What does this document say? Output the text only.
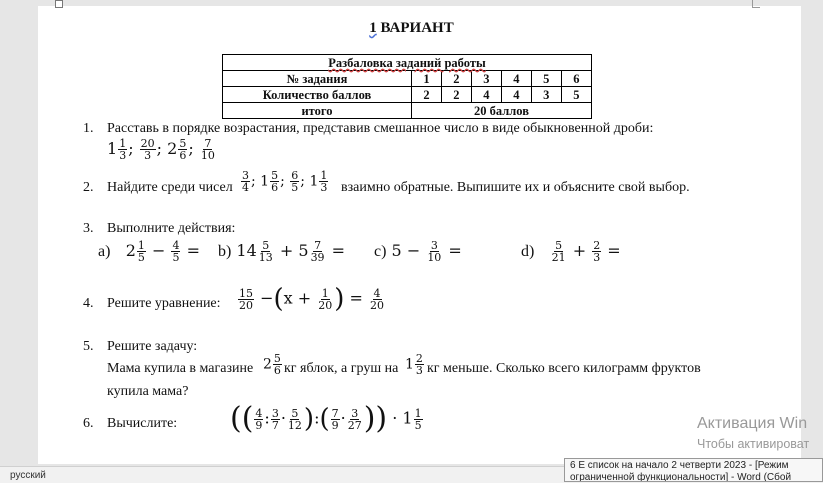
1 ВАРИАНТ
Разбаловка заданий работы						
№ задания	1	2	3	4	5	6
Количество баллов	2	2	4	4	3	5
итого	20 баллов					
1. Расставь в порядке возрастания, представив смешанное число в виде обыкновенной дроби:
$1 \frac{1}{3}$ ; $\frac{20}{3}$ ; $2 \frac{5}{6}$ ; $\frac{7}{10}$
2. Найдите среди чисел $\frac{3}{4}$ ; $1 \frac{5}{6}$ ; $\frac{6}{5}$ ; $1 \frac{1}{3}$ взаимно обратные. Выпишите их и объясните свой выбор.
3. Выполните действия:
а) $2 \frac{1}{5} - \frac{4}{5} = b$) $14 \frac{5}{13} + 5 \frac{7}{39} = c$) $5 - \frac{3}{10}$ =	$d) \frac{5}{21} + \frac{2}{3}$ =
4. Решите уравнение: $\frac{15}{20} -(x + \frac{1}{20}$ ) = $\frac{4}{20}$
5. Решите задачу:
Мама купила в магазине $2 \frac{5}{6}$ кг яблок, а груш на $1 \frac{2}{3}$ кг меньше. Сколько всего килограмм фруктов
купила мама?
6. Вычислите: (( $\frac{4}{9}$ : $\frac{3}{7} \cdot \frac{5}{12}$ ):( $\frac{7}{9} \cdot \frac{3}{27}$ )) · $1 \frac{1}{5}$	Активация Win
Чтобы активироват
русский
6 Е список на начало 2 четверти 2023 - [Режим ограниченной функциональности] - Word (Сбой
